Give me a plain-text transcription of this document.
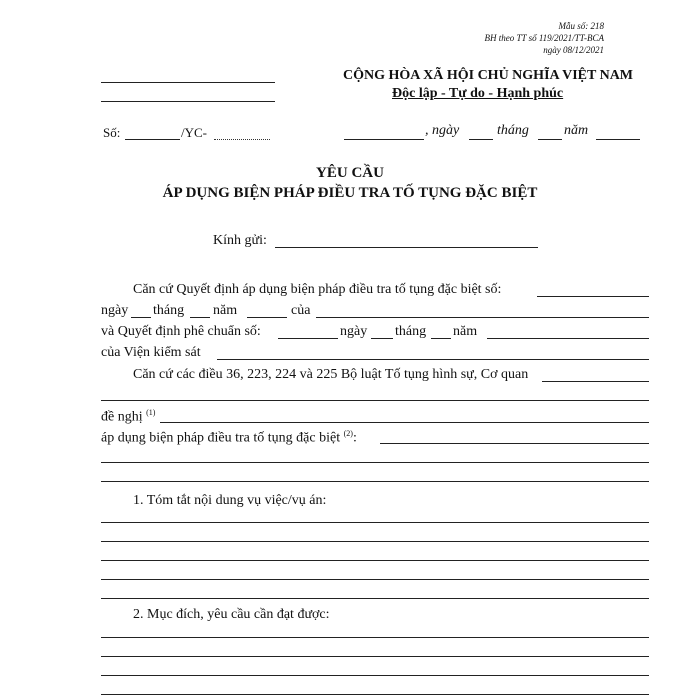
Mẫu số: 218
BH theo TT số 119/2021/TT-BCA
ngày 08/12/2021
CỘNG HÒA XÃ HỘI CHỦ NGHĨA VIỆT NAM
Độc lập - Tự do - Hạnh phúc
Số:	/YC-	, ngày	tháng	năm
YÊU CẦU
ÁP DỤNG BIỆN PHÁP ĐIỀU TRA TỐ TỤNG ĐẶC BIỆT
Kính gửi:
Căn cứ Quyết định áp dụng biện pháp điều tra tố tụng đặc biệt số:
ngày tháng năm	của
và Quyết định phê chuẩn số:	ngày tháng năm
của Viện kiểm sát
Căn cứ các điều 36, 223, 224 và 225 Bộ luật Tố tụng hình sự, Cơ quan
đề nghị $^{(1)}$
áp dụng biện pháp điều tra tố tụng đặc biệt $^{(2)}$:
1. Tóm tắt nội dung vụ việc/vụ án:
2. Mục đích, yêu cầu cần đạt được:
